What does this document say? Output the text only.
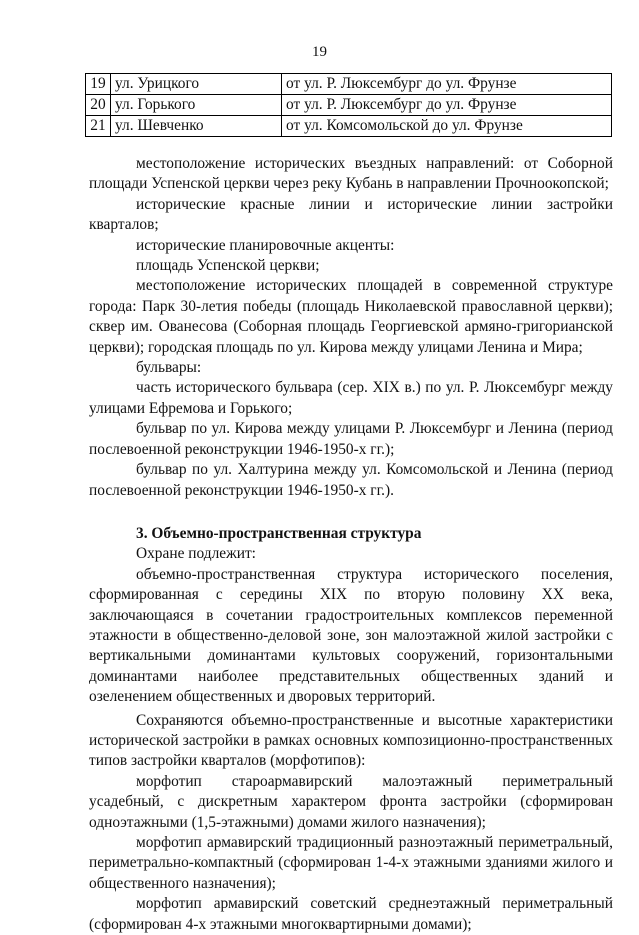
19
19	ул. Урицкого	от ул. Р. Люксембург до ул. Фрунзе
20	ул. Горького	от ул. Р. Люксембург до ул. Фрунзе
21	ул. Шевченко	от ул. Комсомольской до ул. Фрунзе

местоположение исторических въездных направлений: от Соборной площади Успенской церкви через реку Кубань в направлении Прочноокопской;

исторические красные линии и исторические линии застройки кварталов;

исторические планировочные акценты:

площадь Успенской церкви;

местоположение исторических площадей в современной структуре города: Парк 30-летия победы (площадь Николаевской православной церкви); сквер им. Ованесова (Соборная площадь Георгиевской армяно-григорианской церкви); городская площадь по ул. Кирова между улицами Ленина и Мира;

бульвары:

часть исторического бульвара (сер. XIX в.) по ул. Р. Люксембург между улицами Ефремова и Горького;

бульвар по ул. Кирова между улицами Р. Люксембург и Ленина (период послевоенной реконструкции 1946-1950-х гг.);

бульвар по ул. Халтурина между ул. Комсомольской и Ленина (период послевоенной реконструкции 1946-1950-х гг.).

3. Объемно-пространственная структура

Охране подлежит:

объемно-пространственная структура исторического поселения, сформированная с середины XIX по вторую половину XX века, заключающаяся в сочетании градостроительных комплексов переменной этажности в общественно-деловой зоне, зон малоэтажной жилой застройки с вертикальными доминантами культовых сооружений, горизонтальными доминантами наиболее представительных общественных зданий и озеленением общественных и дворовых территорий.

Сохраняются объемно-пространственные и высотные характеристики исторической застройки в рамках основных композиционно-пространственных типов застройки кварталов (морфотипов):

морфотип староармавирский малоэтажный периметральный усадебный, с дискретным характером фронта застройки (сформирован одноэтажными (1,5-этажными) домами жилого назначения);

морфотип армавирский традиционный разноэтажный периметральный, периметрально-компактный (сформирован 1-4-х этажными зданиями жилого и общественного назначения);

морфотип армавирский советский среднеэтажный периметральный (сформирован 4-х этажными многоквартирными домами);
